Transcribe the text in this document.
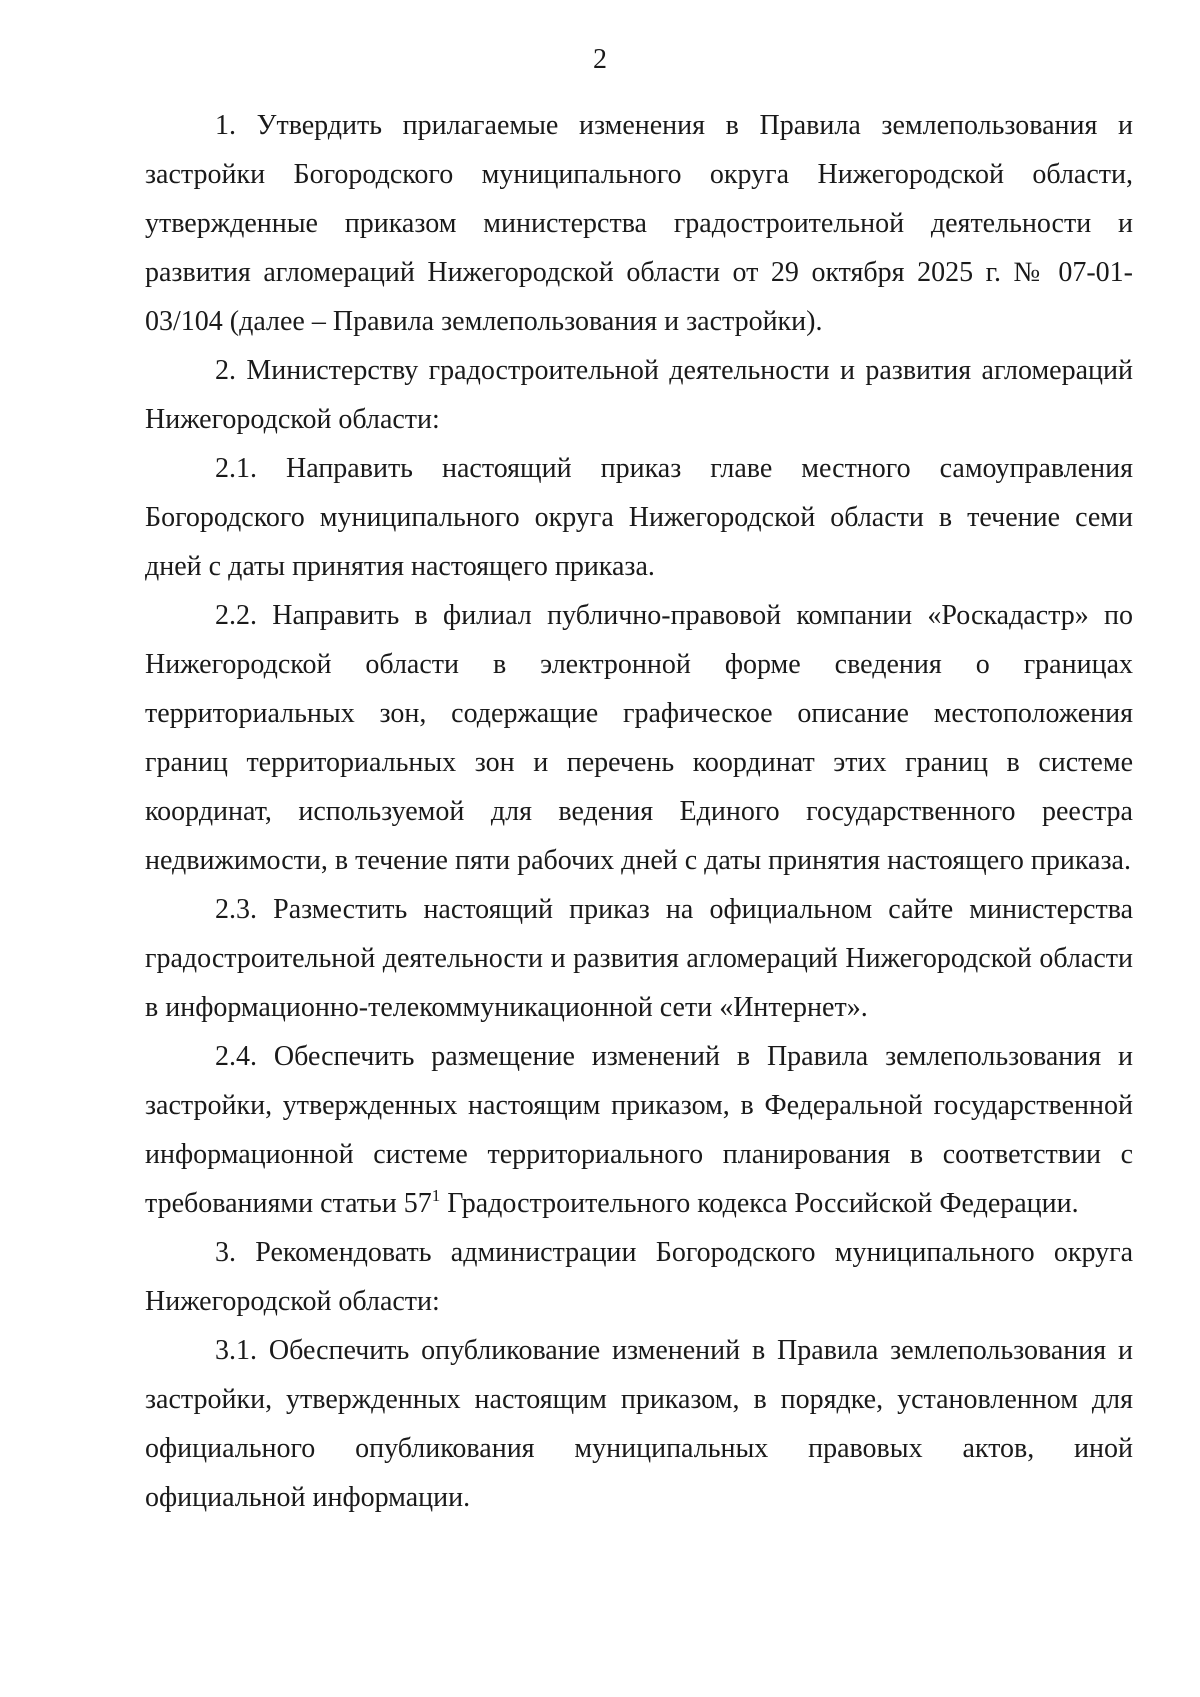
2

1. Утвердить прилагаемые изменения в Правила землепользования и застройки Богородского муниципального округа Нижегородской области, утвержденные приказом министерства градостроительной деятельности и развития агломераций Нижегородской области от 29 октября 2025 г. № 07-01-03/104 (далее – Правила землепользования и застройки).

2. Министерству градостроительной деятельности и развития агломераций Нижегородской области:

2.1. Направить настоящий приказ главе местного самоуправления Богородского муниципального округа Нижегородской области в течение семи дней с даты принятия настоящего приказа.

2.2. Направить в филиал публично-правовой компании «Роскадастр» по Нижегородской области в электронной форме сведения о границах территориальных зон, содержащие графическое описание местоположения границ территориальных зон и перечень координат этих границ в системе координат, используемой для ведения Единого государственного реестра недвижимости, в течение пяти рабочих дней с даты принятия настоящего приказа.

2.3. Разместить настоящий приказ на официальном сайте министерства градостроительной деятельности и развития агломераций Нижегородской области в информационно-телекоммуникационной сети «Интернет».

2.4. Обеспечить размещение изменений в Правила землепользования и застройки, утвержденных настоящим приказом, в Федеральной государственной информационной системе территориального планирования в соответствии с требованиями статьи $57^1$ Градостроительного кодекса Российской Федерации.

3. Рекомендовать администрации Богородского муниципального округа Нижегородской области:

3.1. Обеспечить опубликование изменений в Правила землепользования и застройки, утвержденных настоящим приказом, в порядке, установленном для официального опубликования муниципальных правовых актов, иной официальной информации.
